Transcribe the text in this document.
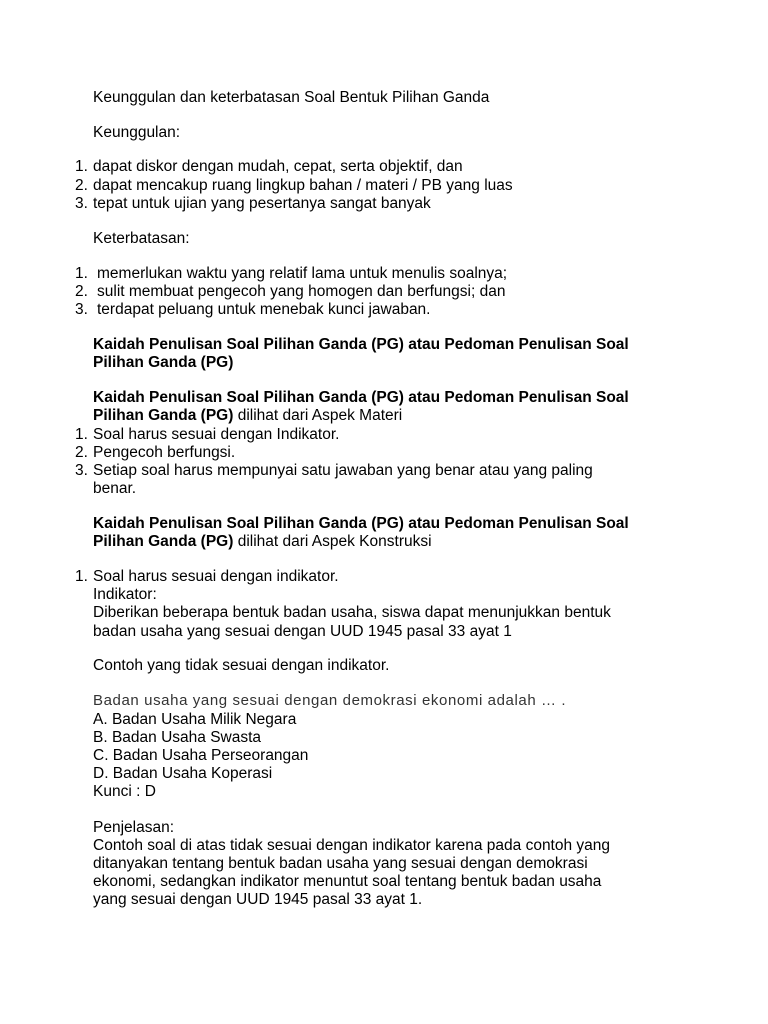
Keunggulan dan keterbatasan Soal Bentuk Pilihan Ganda
Keunggulan:
1. dapat diskor dengan mudah, cepat, serta objektif, dan
2. dapat mencakup ruang lingkup bahan / materi / PB yang luas
3. tepat untuk ujian yang pesertanya sangat banyak
Keterbatasan:
1. memerlukan waktu yang relatif lama untuk menulis soalnya;
2. sulit membuat pengecoh yang homogen dan berfungsi; dan
3. terdapat peluang untuk menebak kunci jawaban.
Kaidah Penulisan Soal Pilihan Ganda (PG) atau Pedoman Penulisan Soal
Pilihan Ganda (PG)
Kaidah Penulisan Soal Pilihan Ganda (PG) atau Pedoman Penulisan Soal
Pilihan Ganda (PG) dilihat dari Aspek Materi
1. Soal harus sesuai dengan Indikator.
2. Pengecoh berfungsi.
3. Setiap soal harus mempunyai satu jawaban yang benar atau yang paling
benar.
Kaidah Penulisan Soal Pilihan Ganda (PG) atau Pedoman Penulisan Soal
Pilihan Ganda (PG) dilihat dari Aspek Konstruksi
1. Soal harus sesuai dengan indikator.
Indikator:
Diberikan beberapa bentuk badan usaha, siswa dapat menunjukkan bentuk
badan usaha yang sesuai dengan UUD 1945 pasal 33 ayat 1
Contoh yang tidak sesuai dengan indikator.
Badan usaha yang sesuai dengan demokrasi ekonomi adalah … .
A. Badan Usaha Milik Negara
B. Badan Usaha Swasta
C. Badan Usaha Perseorangan
D. Badan Usaha Koperasi
Kunci : D
Penjelasan:
Contoh soal di atas tidak sesuai dengan indikator karena pada contoh yang
ditanyakan tentang bentuk badan usaha yang sesuai dengan demokrasi
ekonomi, sedangkan indikator menuntut soal tentang bentuk badan usaha
yang sesuai dengan UUD 1945 pasal 33 ayat 1.
